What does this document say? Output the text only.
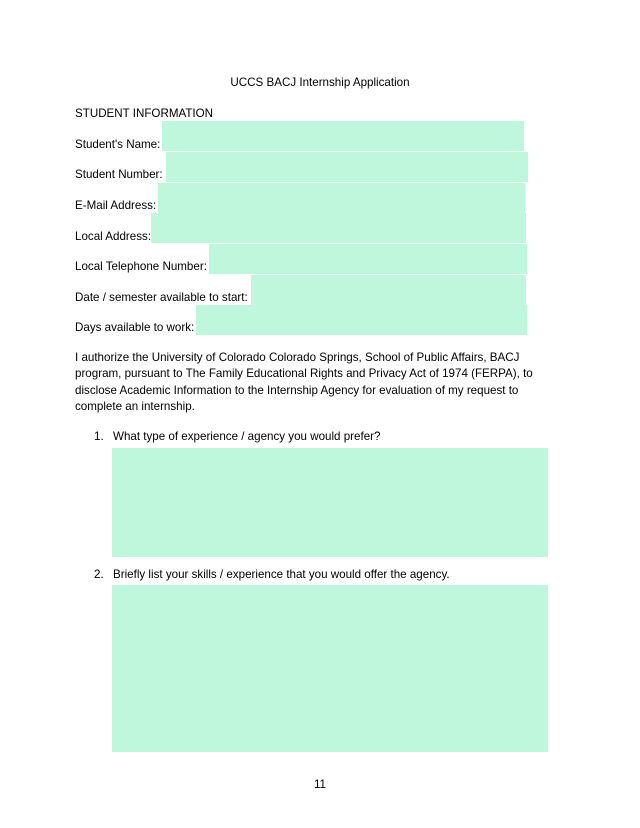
UCCS BACJ Internship Application
STUDENT INFORMATION
Student's Name:
Student Number:
E-Mail Address:
Local Address:
Local Telephone Number:
Date / semester available to start:
Days available to work:
I authorize the University of Colorado Colorado Springs, School of Public Affairs, BACJ program, pursuant to The Family Educational Rights and Privacy Act of 1974 (FERPA), to disclose Academic Information to the Internship Agency for evaluation of my request to complete an internship.
1. What type of experience / agency you would prefer?
2. Briefly list your skills / experience that you would offer the agency.
11
